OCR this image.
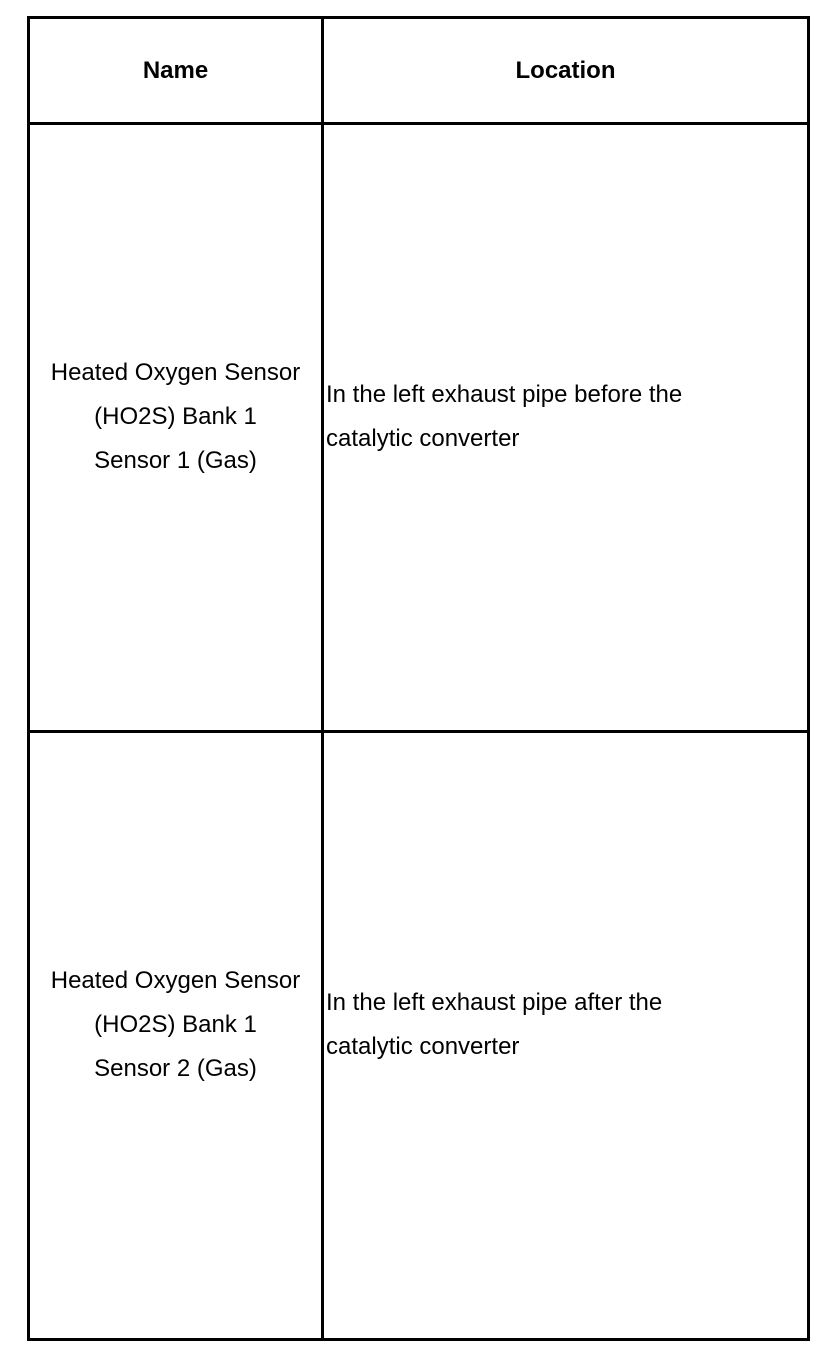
Name	Location
Heated Oxygen Sensor
(HO2S) Bank 1
Sensor 1 (Gas)	In the left exhaust pipe before the
catalytic converter

Heated Oxygen Sensor
(HO2S) Bank 1
Sensor 2 (Gas)	In the left exhaust pipe after the
catalytic converter
